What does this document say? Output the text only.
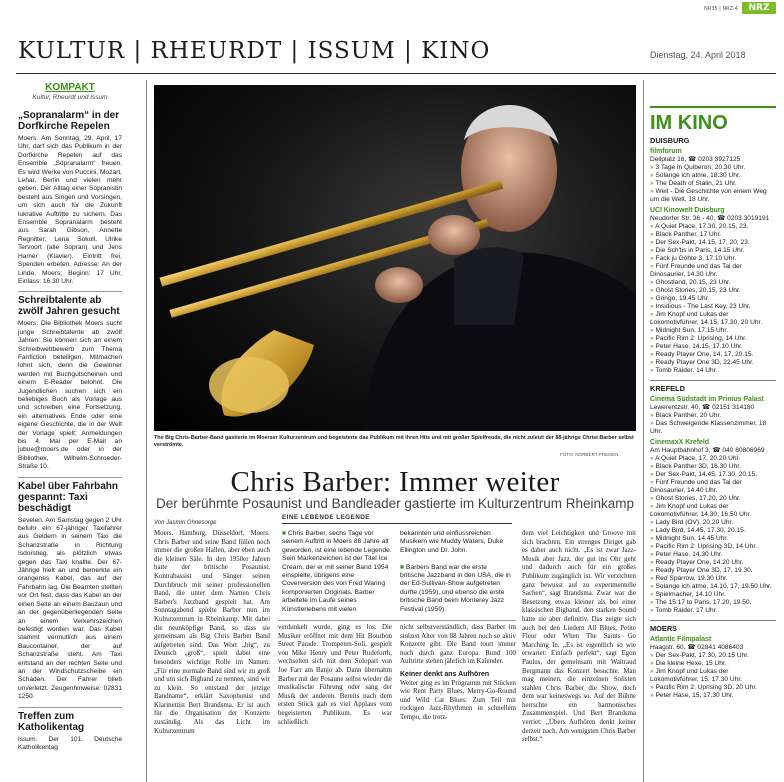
NR35 | NRZ-4	NRZ
KULTUR | RHEURDT | ISSUM | KINO	Dienstag, 24. April 2018
KOMPAKT
Kultur, Rheurdt und Issum
„Sopranalarm“ in der Dorfkirche Repelen
Moers. Am Sonntag, 29. April, 17 Uhr, darf sich das Publikum in der Dorfkirche Repelen auf das Ensemble „Sopranalarm“ freuen. Es wird Werke von Puccini, Mozart, Lehar, Berlin und vielen mehr geben. Der Alltag einer Sopranistin besteht aus Singen und Vorsingen, um sich auch für die Zukunft lukrative Auftritte zu sichern. Das Ensemble Sopranalarm besteht aus Sarah Gibson, Annette Regnitter, Lena Sokoll, Ulrike Tervoort (alle Sopran) und Jens Hamer (Klavier). Eintritt frei, Spenden erbeten. Adresse: An der Linde, Moers; Beginn: 17 Uhr, Einlass: 16.30 Uhr.
Schreibtalente ab zwölf Jahren gesucht
Moers. Die Bibliothek Moers sucht junge Schreibtalente ab zwölf Jahren: Sie können sich an einem Schreibwettbewerb zum Thema Fanfiction beteiligen. Mitmachen lohnt sich, denn die Gewinner werden mit Buchgutscheinen und einem E-Reader belohnt. Die Jugendlichen suchen sich ein beliebiges Buch als Vorlage aus und schreiben eine Fortsetzung, ein alternatives Ende oder eine eigene Geschichte, die in der Welt der Vorlage spielt; Anmeldungen bis 4. Mai per E-Mail an jubue@moers.de oder in der Bibliothek, Wilhelm-Schroeder-Straße 10.
Kabel über Fahrbahn gespannt: Taxi beschädigt
Sevelen. Am Samstag gegen 2 Uhr befuhr ein 67-jähriger Taxifahrer aus Geldern in seinem Taxi die Schanzstraße in Richtung Isdorstieg, als plötzlich etwas gegen das Taxi knallte. Der 67-Jährige hielt an und bemerkte ein orangenes Kabel, das auf der Fahrbahn lag. Die Beamten stellten vor Ort fest, dass das Kabel an der einen Seite an einem Bauzaun und an der gegenüberliegenden Seite an einem Verkehrszeichen befestigt worden war. Das Kabel stammt vermutlich aus einem Baucontainer, der auf Schanzstraße steht. Am Taxi entstand an der rechten Seite und an der Windschutzscheibe ein Schaden. Der Fahrer blieb unverletzt. Zeugenhinweise: 02831 1250.
Treffen zum Katholikentag
Issum. Der 101. Deutsche Katholikentag
The Big Chris-Barber-Band gastierte im Moerser Kulturzentrum und begeisterte das Publikum mit ihren Hits und mit großer Spielfreude, die nicht zuletzt der 88-jährige Christ Barber selbst verströmte.
FOTO: NORBERT PREMEN
Chris Barber: Immer weiter
Der berühmte Posaunist und Bandleader gastierte im Kulturzentrum Rheinkamp
Von Jasmin Ohnesorge
Moers. Hamburg, Düsseldorf, Moers: Chris Barber und seine Band füllen noch immer die großen Hallen, aber eben auch die kleinen Säle. In den 1950er Jahren hatte der britische Posaunist, Kontrabassist und Sänger seinen Durchbruch mit seiner professionellen Band, die unter dem Namen Chris Barber's Jazzband gespielt hat. Am Sonntagabend spielte Barber nun im Kulturzentrum in Rheinkamp. Mit dabei die neunköpfige Band, so dass sie gemeinsam als Big Chris Barber Band aufgetreten sind. Das Wort „big“, zu Deutsch „groß“, spielt dabei eine besonders wichtige Rolle im Namen: „Für eine normale Band sind wir zu groß und um sich Bigband zu nennen, sind wir zu klein. So entstand der jetzige Bandname“, erklärt Saxophonist und Klarinettist Bert Brandsma. Er ist auch für die Organisation der Konzerte zuständig. Als das Licht im Kulturzentrum
EINE LEBENDE LEGENDE
■ Chris Barber, sechs Tage vor seinem Auftritt in Moers 88 Jahre alt geworden, ist eine lebende Legende. Sein Markenzeichen ist der Titel Ice Cream, der er mit seiner Band 1954 einspielte, übrigens eine Coverversion des von Fred Waring komponierten Originals. Barber arbeitete im Laufe seines Künstlerlebens mit vielen
bekannten und einflussreichen Musikern wie Muddy Waters, Duke Ellington und Dr. John.

■ Barbers Band war die erste britische Jazzband in den USA, die in der Ed-Sullivan-Show aufgetreten durfte (1959), und ebenso die erste britische Band beim Monterey Jazz Festival (1959).
verdunkelt wurde, ging es los. Die Musiker eröffnet mit dem Hit Bourbon Street Parade. Trompeten-Soli, gespielt von Mike Henry und Peter Rudeforth, wechselten sich mit dem Solopart von Joe Farr am Banjo ab. Dann übernahm Barber mit der Posaune selbst wieder die musikalische Führung oder sang der Musik der anderen. Bereits nach dem ersten Stück gab es viel Applaus vom begeisterten Publikum. Es war schließlich
nicht selbstverständlich, dass Barber im stolzen Alter von 88 Jahren noch so aktiv Konzerte gibt. Die Band tourt immer noch durch ganz Europa. Rund 100 Auftritte stehen jährlich im Kalender.
Keiner denkt ans Aufhören
Weiter ging es im Programm mit Stücken wie Rent Party Blues, Merry-Go-Round und Wild Cat Blues: Zum Teil mit rockigen Jazz-Rhythmen in schnellem Tempo, die trotz-
dem viel Leichtigkeit und Groove mit sich brachten. Ein strenges Diriget gab es daher auch nicht. „Es ist zwar Jazz-Musik aber Jazz, der gut ins Ohr geht und dadurch auch für ein großes Publikum zugänglich ist. Wir verzichten ganz bewusst auf zu experimentelle Sachen“, sagt Brandsma. Zwar war die Besetzung etwas kleiner als bei einer klassischen Bigband, den starken Sound hatte sie aber definitiv. Das zeigte sich auch bei den Liedern All Blues, Petite Fleur oder When The Saints Go Marching In. „Es ist eigentlich so wie erwartet: Einfach perfekt“, sagt Egon Paulus, der gemeinsam mit Waltraud Bergmann das Konzert besuchte. Man mag meinen, die einzelnen Solisten stahlen Chris Barber die Show, doch dem war keineswegs so. Auf der Bühne herrschte ein harmonisches Zusammenspiel. Und Bert Brandsma verriet: „Übers Aufhören denkt keiner derzeit nach. Am wenigsten Chris Barber selbst.“
IM KINO
DUISBURG
filmforum
Dellplatz 16, ☎ 0203 3927125
» 3 Tage in Quiberon, 20.30 Uhr.
» Solange ich atme, 18.30 Uhr.
» The Death of Stalin, 21 Uhr.
» Weit - Die Geschichte von einem Weg um die Welt, 18 Uhr.
UCI Kinowelt Duisburg
Neudorfer Str. 36 - 40, ☎ 0203 3019191
» A Quiet Place, 17.30, 20.15, 23.
» Black Panther, 17 Uhr.
» Der Sex-Pakt, 14.15, 17, 20, 23.
» Die Sch'tis in Paris, 14.15 Uhr.
» Fack ju Göhte 3, 17.10 Uhr.
» Fünf Freunde und das Tal der Dinosaurier, 14.30 Uhr.
» Ghostland, 20.15, 23 Uhr.
» Ghost Stories, 20.15, 23 Uhr.
» Gringo, 19.45 Uhr.
» Insidious - The Last Key, 23 Uhr.
» Jim Knopf und Lukas der Lokomotivführer, 14.15, 17.30, 20 Uhr.
» Midnight Sun, 17.15 Uhr.
» Pacific Rim 2: Uprising, 14 Uhr.
» Peter Hase, 14.15, 17.10 Uhr.
» Ready Player One, 14, 17, 20.15.
» Ready Player One 3D, 22.45 Uhr.
» Tomb Raider, 14 Uhr.
KREFELD
Cinema Südstadt im Primus Palast
Lewerentzstr. 40, ☎ 02151 314180
» Black Panther, 20 Uhr.
» Das Schweigende Klassenzimmer, 18 Uhr.
CinemaxX Krefeld
Am Hauptbahnhof 3, ☎ 040 80806969
» A Quiet Place, 17, 20.20 Uhr.
» Black Panther 3D, 16.30 Uhr.
» Der Sex-Pakt, 14.45, 17.30, 20.15.
» Fünf Freunde und das Tal der Dinosaurier, 14.40 Uhr.
» Ghost Stories, 17.20, 20 Uhr.
» Jim Knopf und Lukas der Lokomotivführer, 14.30, 16.50 Uhr.
» Lady Bird (OV), 20.20 Uhr.
» Lady Bird, 14.45, 17.30, 20.15.
» Midnight Sun, 14.45 Uhr.
» Pacific Rim 2: Uprising 3D, 14 Uhr.
» Peter Hase, 14.30 Uhr.
» Ready Player One, 14.20 Uhr.
» Ready Player One 3D, 17, 19.30.
» Red Sparrow, 19.30 Uhr.
» Solange ich atme, 14.10, 17, 19.50 Uhr.
» Spielmacher, 14.10 Uhr.
» The 15:17 to Paris, 17.20, 19.50.
» Tomb Raider, 17 Uhr.
MOERS
Atlantic Filmpalast
Haagstr. 60, ☎ 02841 4086403
» Der Sex-Pakt, 17.30, 20.15 Uhr.
» Die kleine Hexe, 15 Uhr.
» Jim Knopf und Lukas der Lokomotivführer, 15, 17.30 Uhr.
» Pacific Rim 2: Uprising 3D, 20 Uhr.
» Peter Hase, 15, 17.30 Uhr.
